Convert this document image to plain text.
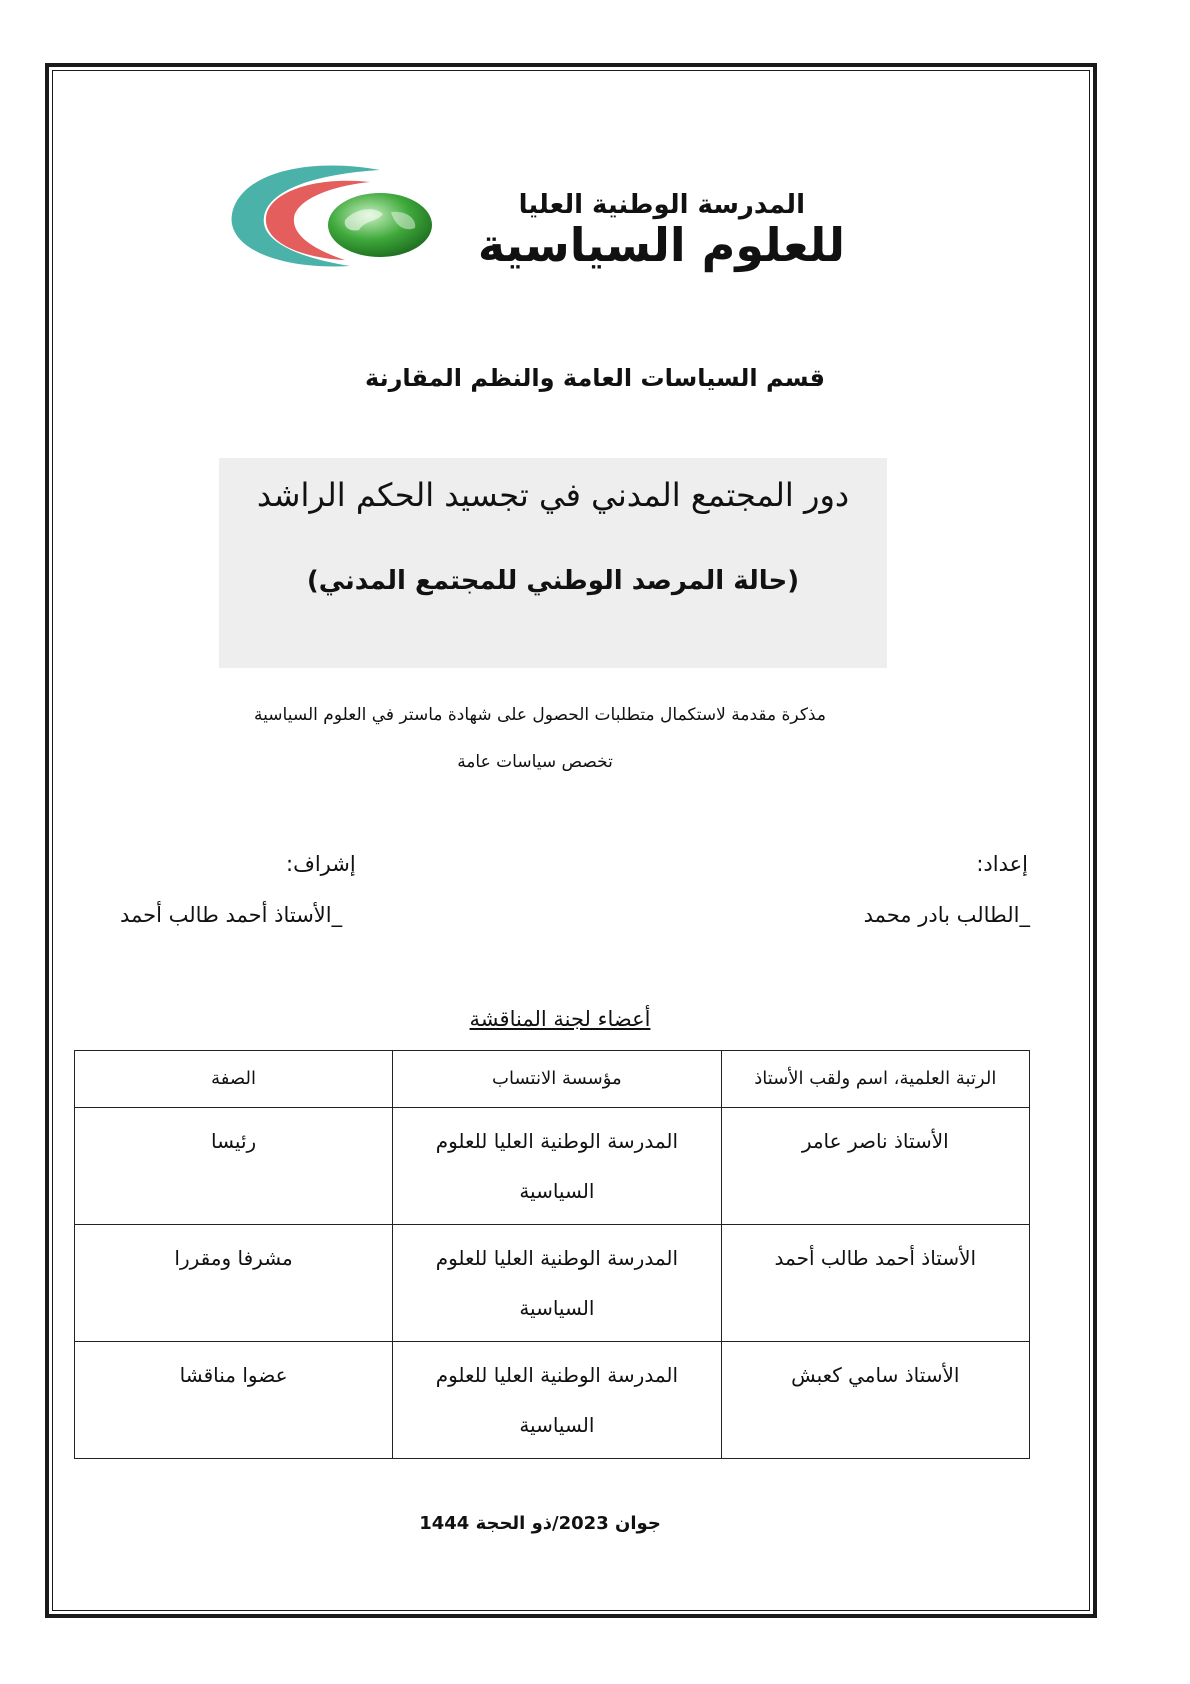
المدرسة الوطنية العليا
للعلوم السياسية
قسم السياسات العامة والنظم المقارنة
دور المجتمع المدني في تجسيد الحكم الراشد
(حالة المرصد الوطني للمجتمع المدني)
مذكرة مقدمة لاستكمال متطلبات الحصول على شهادة ماستر في العلوم السياسية
تخصص سياسات عامة
إعداد:
_الطالب بادر محمد
إشراف:
_الأستاذ أحمد طالب أحمد
أعضاء لجنة المناقشة
الرتبة العلمية، اسم ولقب الأستاذ	مؤسسة الانتساب	الصفة
الأستاذ ناصر عامر	المدرسة الوطنية العليا للعلوم السياسية	رئيسا
الأستاذ أحمد طالب أحمد	المدرسة الوطنية العليا للعلوم السياسية	مشرفا ومقررا
الأستاذ سامي كعبش	المدرسة الوطنية العليا للعلوم السياسية	عضوا مناقشا
جوان 2023/ذو الحجة 1444
